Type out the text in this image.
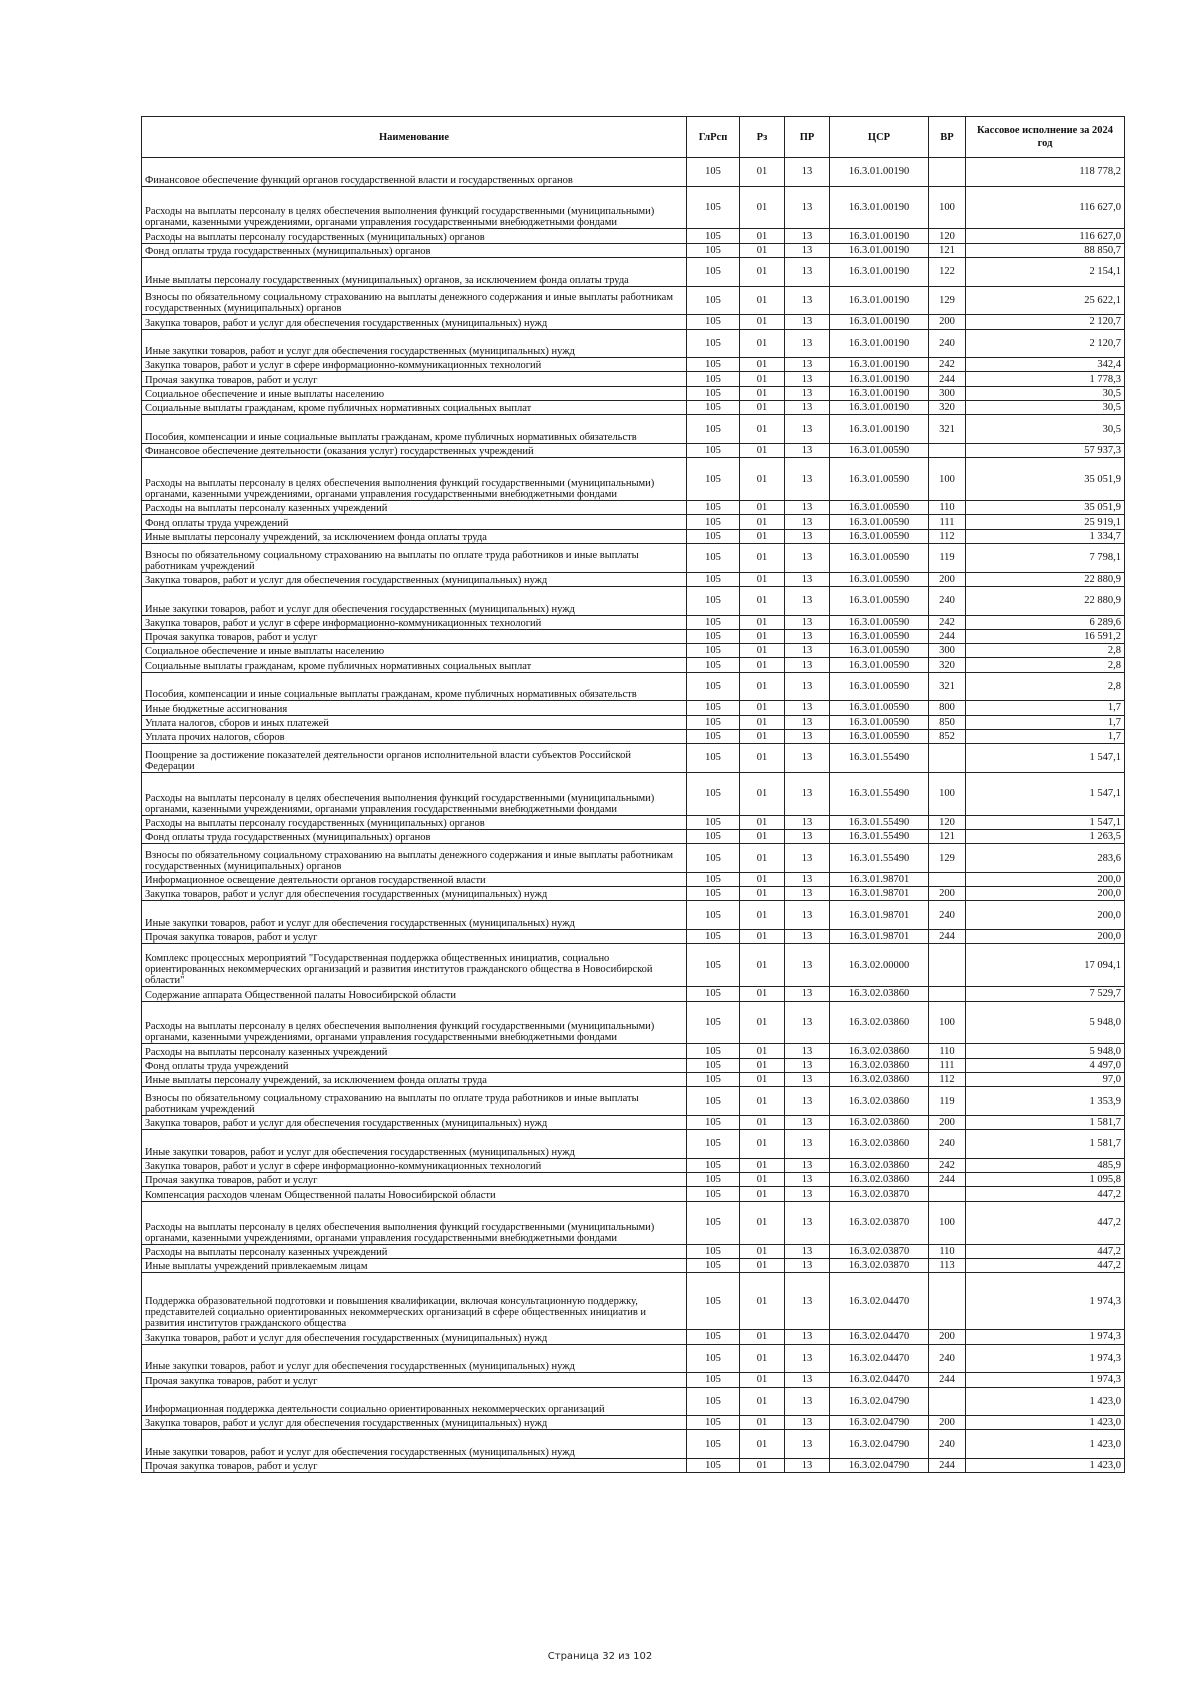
Наименование	ГлРсп	Рз	ПР	ЦСР	ВР	Кассовое исполнение за 2024 год
Финансовое обеспечение функций органов государственной власти и государственных органов	105	01	13	16.3.01.00190		118 778,2
Расходы на выплаты персоналу в целях обеспечения выполнения функций государственными (муниципальными) органами, казенными учреждениями, органами управления государственными внебюджетными фондами	105	01	13	16.3.01.00190	100	116 627,0
Расходы на выплаты персоналу государственных (муниципальных) органов	105	01	13	16.3.01.00190	120	116 627,0
Фонд оплаты труда государственных (муниципальных) органов	105	01	13	16.3.01.00190	121	88 850,7
Иные выплаты персоналу государственных (муниципальных) органов, за исключением фонда оплаты труда	105	01	13	16.3.01.00190	122	2 154,1
Взносы по обязательному социальному страхованию на выплаты денежного содержания и иные выплаты работникам государственных (муниципальных) органов	105	01	13	16.3.01.00190	129	25 622,1
Закупка товаров, работ и услуг для обеспечения государственных (муниципальных) нужд	105	01	13	16.3.01.00190	200	2 120,7
Иные закупки товаров, работ и услуг для обеспечения государственных (муниципальных) нужд	105	01	13	16.3.01.00190	240	2 120,7
Закупка товаров, работ и услуг в сфере информационно-коммуникационных технологий	105	01	13	16.3.01.00190	242	342,4
Прочая закупка товаров, работ и услуг	105	01	13	16.3.01.00190	244	1 778,3
Социальное обеспечение и иные выплаты населению	105	01	13	16.3.01.00190	300	30,5
Социальные выплаты гражданам, кроме публичных нормативных социальных выплат	105	01	13	16.3.01.00190	320	30,5
Пособия, компенсации и иные социальные выплаты гражданам, кроме публичных нормативных обязательств	105	01	13	16.3.01.00190	321	30,5
Финансовое обеспечение деятельности (оказания услуг) государственных учреждений	105	01	13	16.3.01.00590		57 937,3
Расходы на выплаты персоналу в целях обеспечения выполнения функций государственными (муниципальными) органами, казенными учреждениями, органами управления государственными внебюджетными фондами	105	01	13	16.3.01.00590	100	35 051,9
Расходы на выплаты персоналу казенных учреждений	105	01	13	16.3.01.00590	110	35 051,9
Фонд оплаты труда учреждений	105	01	13	16.3.01.00590	111	25 919,1
Иные выплаты персоналу учреждений, за исключением фонда оплаты труда	105	01	13	16.3.01.00590	112	1 334,7
Взносы по обязательному социальному страхованию на выплаты по оплате труда работников и иные выплаты работникам учреждений	105	01	13	16.3.01.00590	119	7 798,1
Закупка товаров, работ и услуг для обеспечения государственных (муниципальных) нужд	105	01	13	16.3.01.00590	200	22 880,9
Иные закупки товаров, работ и услуг для обеспечения государственных (муниципальных) нужд	105	01	13	16.3.01.00590	240	22 880,9
Закупка товаров, работ и услуг в сфере информационно-коммуникационных технологий	105	01	13	16.3.01.00590	242	6 289,6
Прочая закупка товаров, работ и услуг	105	01	13	16.3.01.00590	244	16 591,2
Социальное обеспечение и иные выплаты населению	105	01	13	16.3.01.00590	300	2,8
Социальные выплаты гражданам, кроме публичных нормативных социальных выплат	105	01	13	16.3.01.00590	320	2,8
Пособия, компенсации и иные социальные выплаты гражданам, кроме публичных нормативных обязательств	105	01	13	16.3.01.00590	321	2,8
Иные бюджетные ассигнования	105	01	13	16.3.01.00590	800	1,7
Уплата налогов, сборов и иных платежей	105	01	13	16.3.01.00590	850	1,7
Уплата прочих налогов, сборов	105	01	13	16.3.01.00590	852	1,7
Поощрение за достижение показателей деятельности органов исполнительной власти субъектов Российской Федерации	105	01	13	16.3.01.55490		1 547,1
Расходы на выплаты персоналу в целях обеспечения выполнения функций государственными (муниципальными) органами, казенными учреждениями, органами управления государственными внебюджетными фондами	105	01	13	16.3.01.55490	100	1 547,1
Расходы на выплаты персоналу государственных (муниципальных) органов	105	01	13	16.3.01.55490	120	1 547,1
Фонд оплаты труда государственных (муниципальных) органов	105	01	13	16.3.01.55490	121	1 263,5
Взносы по обязательному социальному страхованию на выплаты денежного содержания и иные выплаты работникам государственных (муниципальных) органов	105	01	13	16.3.01.55490	129	283,6
Информационное освещение деятельности органов государственной власти	105	01	13	16.3.01.98701		200,0
Закупка товаров, работ и услуг для обеспечения государственных (муниципальных) нужд	105	01	13	16.3.01.98701	200	200,0
Иные закупки товаров, работ и услуг для обеспечения государственных (муниципальных) нужд	105	01	13	16.3.01.98701	240	200,0
Прочая закупка товаров, работ и услуг	105	01	13	16.3.01.98701	244	200,0
Комплекс процессных мероприятий "Государственная поддержка общественных инициатив, социально ориентированных некоммерческих организаций и развития институтов гражданского общества в Новосибирской области"	105	01	13	16.3.02.00000		17 094,1
Содержание аппарата Общественной палаты Новосибирской области	105	01	13	16.3.02.03860		7 529,7
Расходы на выплаты персоналу в целях обеспечения выполнения функций государственными (муниципальными) органами, казенными учреждениями, органами управления государственными внебюджетными фондами	105	01	13	16.3.02.03860	100	5 948,0
Расходы на выплаты персоналу казенных учреждений	105	01	13	16.3.02.03860	110	5 948,0
Фонд оплаты труда учреждений	105	01	13	16.3.02.03860	111	4 497,0
Иные выплаты персоналу учреждений, за исключением фонда оплаты труда	105	01	13	16.3.02.03860	112	97,0
Взносы по обязательному социальному страхованию на выплаты по оплате труда работников и иные выплаты работникам учреждений	105	01	13	16.3.02.03860	119	1 353,9
Закупка товаров, работ и услуг для обеспечения государственных (муниципальных) нужд	105	01	13	16.3.02.03860	200	1 581,7
Иные закупки товаров, работ и услуг для обеспечения государственных (муниципальных) нужд	105	01	13	16.3.02.03860	240	1 581,7
Закупка товаров, работ и услуг в сфере информационно-коммуникационных технологий	105	01	13	16.3.02.03860	242	485,9
Прочая закупка товаров, работ и услуг	105	01	13	16.3.02.03860	244	1 095,8
Компенсация расходов членам Общественной палаты Новосибирской области	105	01	13	16.3.02.03870		447,2
Расходы на выплаты персоналу в целях обеспечения выполнения функций государственными (муниципальными) органами, казенными учреждениями, органами управления государственными внебюджетными фондами	105	01	13	16.3.02.03870	100	447,2
Расходы на выплаты персоналу казенных учреждений	105	01	13	16.3.02.03870	110	447,2
Иные выплаты учреждений привлекаемым лицам	105	01	13	16.3.02.03870	113	447,2
Поддержка образовательной подготовки и повышения квалификации, включая консультационную поддержку, представителей социально ориентированных некоммерческих организаций в сфере общественных инициатив и развития институтов гражданского общества	105	01	13	16.3.02.04470		1 974,3
Закупка товаров, работ и услуг для обеспечения государственных (муниципальных) нужд	105	01	13	16.3.02.04470	200	1 974,3
Иные закупки товаров, работ и услуг для обеспечения государственных (муниципальных) нужд	105	01	13	16.3.02.04470	240	1 974,3
Прочая закупка товаров, работ и услуг	105	01	13	16.3.02.04470	244	1 974,3
Информационная поддержка деятельности социально ориентированных некоммерческих организаций	105	01	13	16.3.02.04790		1 423,0
Закупка товаров, работ и услуг для обеспечения государственных (муниципальных) нужд	105	01	13	16.3.02.04790	200	1 423,0
Иные закупки товаров, работ и услуг для обеспечения государственных (муниципальных) нужд	105	01	13	16.3.02.04790	240	1 423,0
Прочая закупка товаров, работ и услуг	105	01	13	16.3.02.04790	244	1 423,0
Страница 32 из 102
